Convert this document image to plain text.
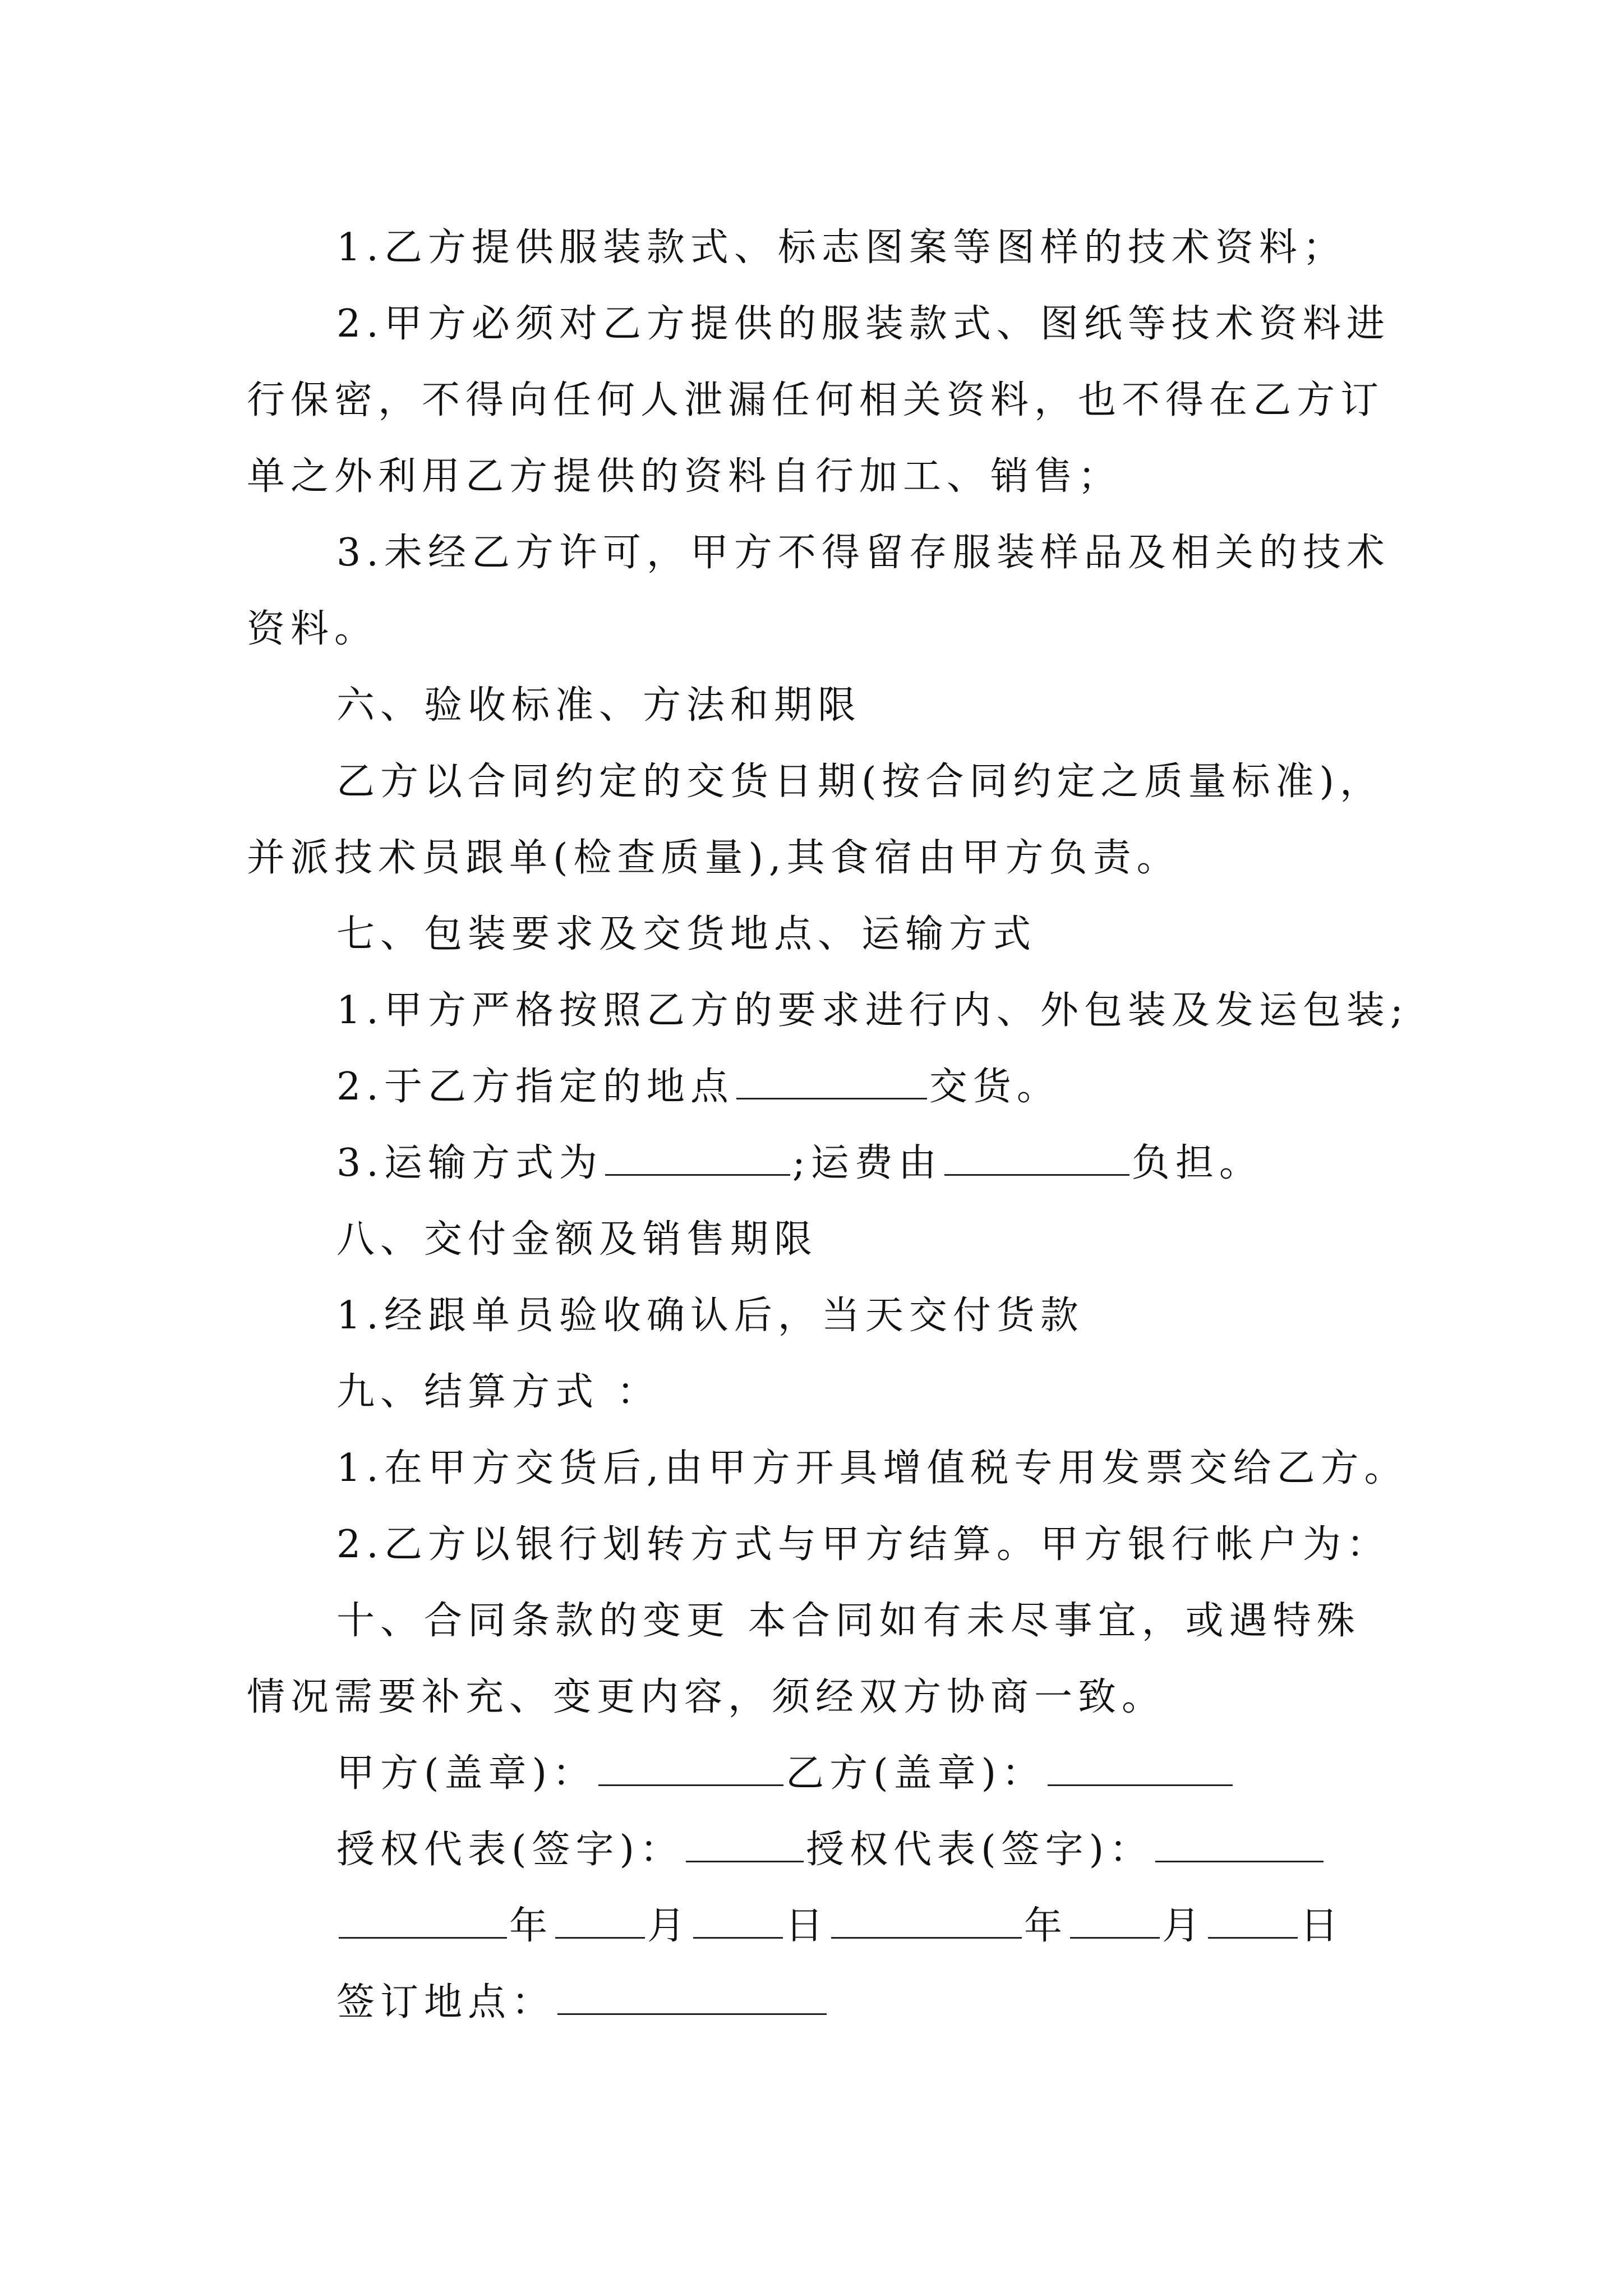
1.乙方提供服装款式、标志图案等图样的技术资料；
2.甲方必须对乙方提供的服装款式、图纸等技术资料进
行保密，不得向任何人泄漏任何相关资料，也不得在乙方订
单之外利用乙方提供的资料自行加工、销售；
3.未经乙方许可，甲方不得留存服装样品及相关的技术
资料。
六、验收标准、方法和期限
乙方以合同约定的交货日期(按合同约定之质量标准)，
并派技术员跟单(检查质量),其食宿由甲方负责。
七、包装要求及交货地点、运输方式
1.甲方严格按照乙方的要求进行内、外包装及发运包装;
2.于乙方指定的地点	交货。
3.运输方式为	;运费由	负担。
八、交付金额及销售期限
1.经跟单员验收确认后，当天交付货款
九、结算方式 ：
1.在甲方交货后,由甲方开具增值税专用发票交给乙方。
2.乙方以银行划转方式与甲方结算。甲方银行帐户为：
十、合同条款的变更 本合同如有未尽事宜，或遇特殊
情况需要补充、变更内容，须经双方协商一致。
甲方(盖章)：	乙方(盖章)：
授权代表(签字)：	授权代表(签字)：
年 月 日	年 月 日
签订地点：
